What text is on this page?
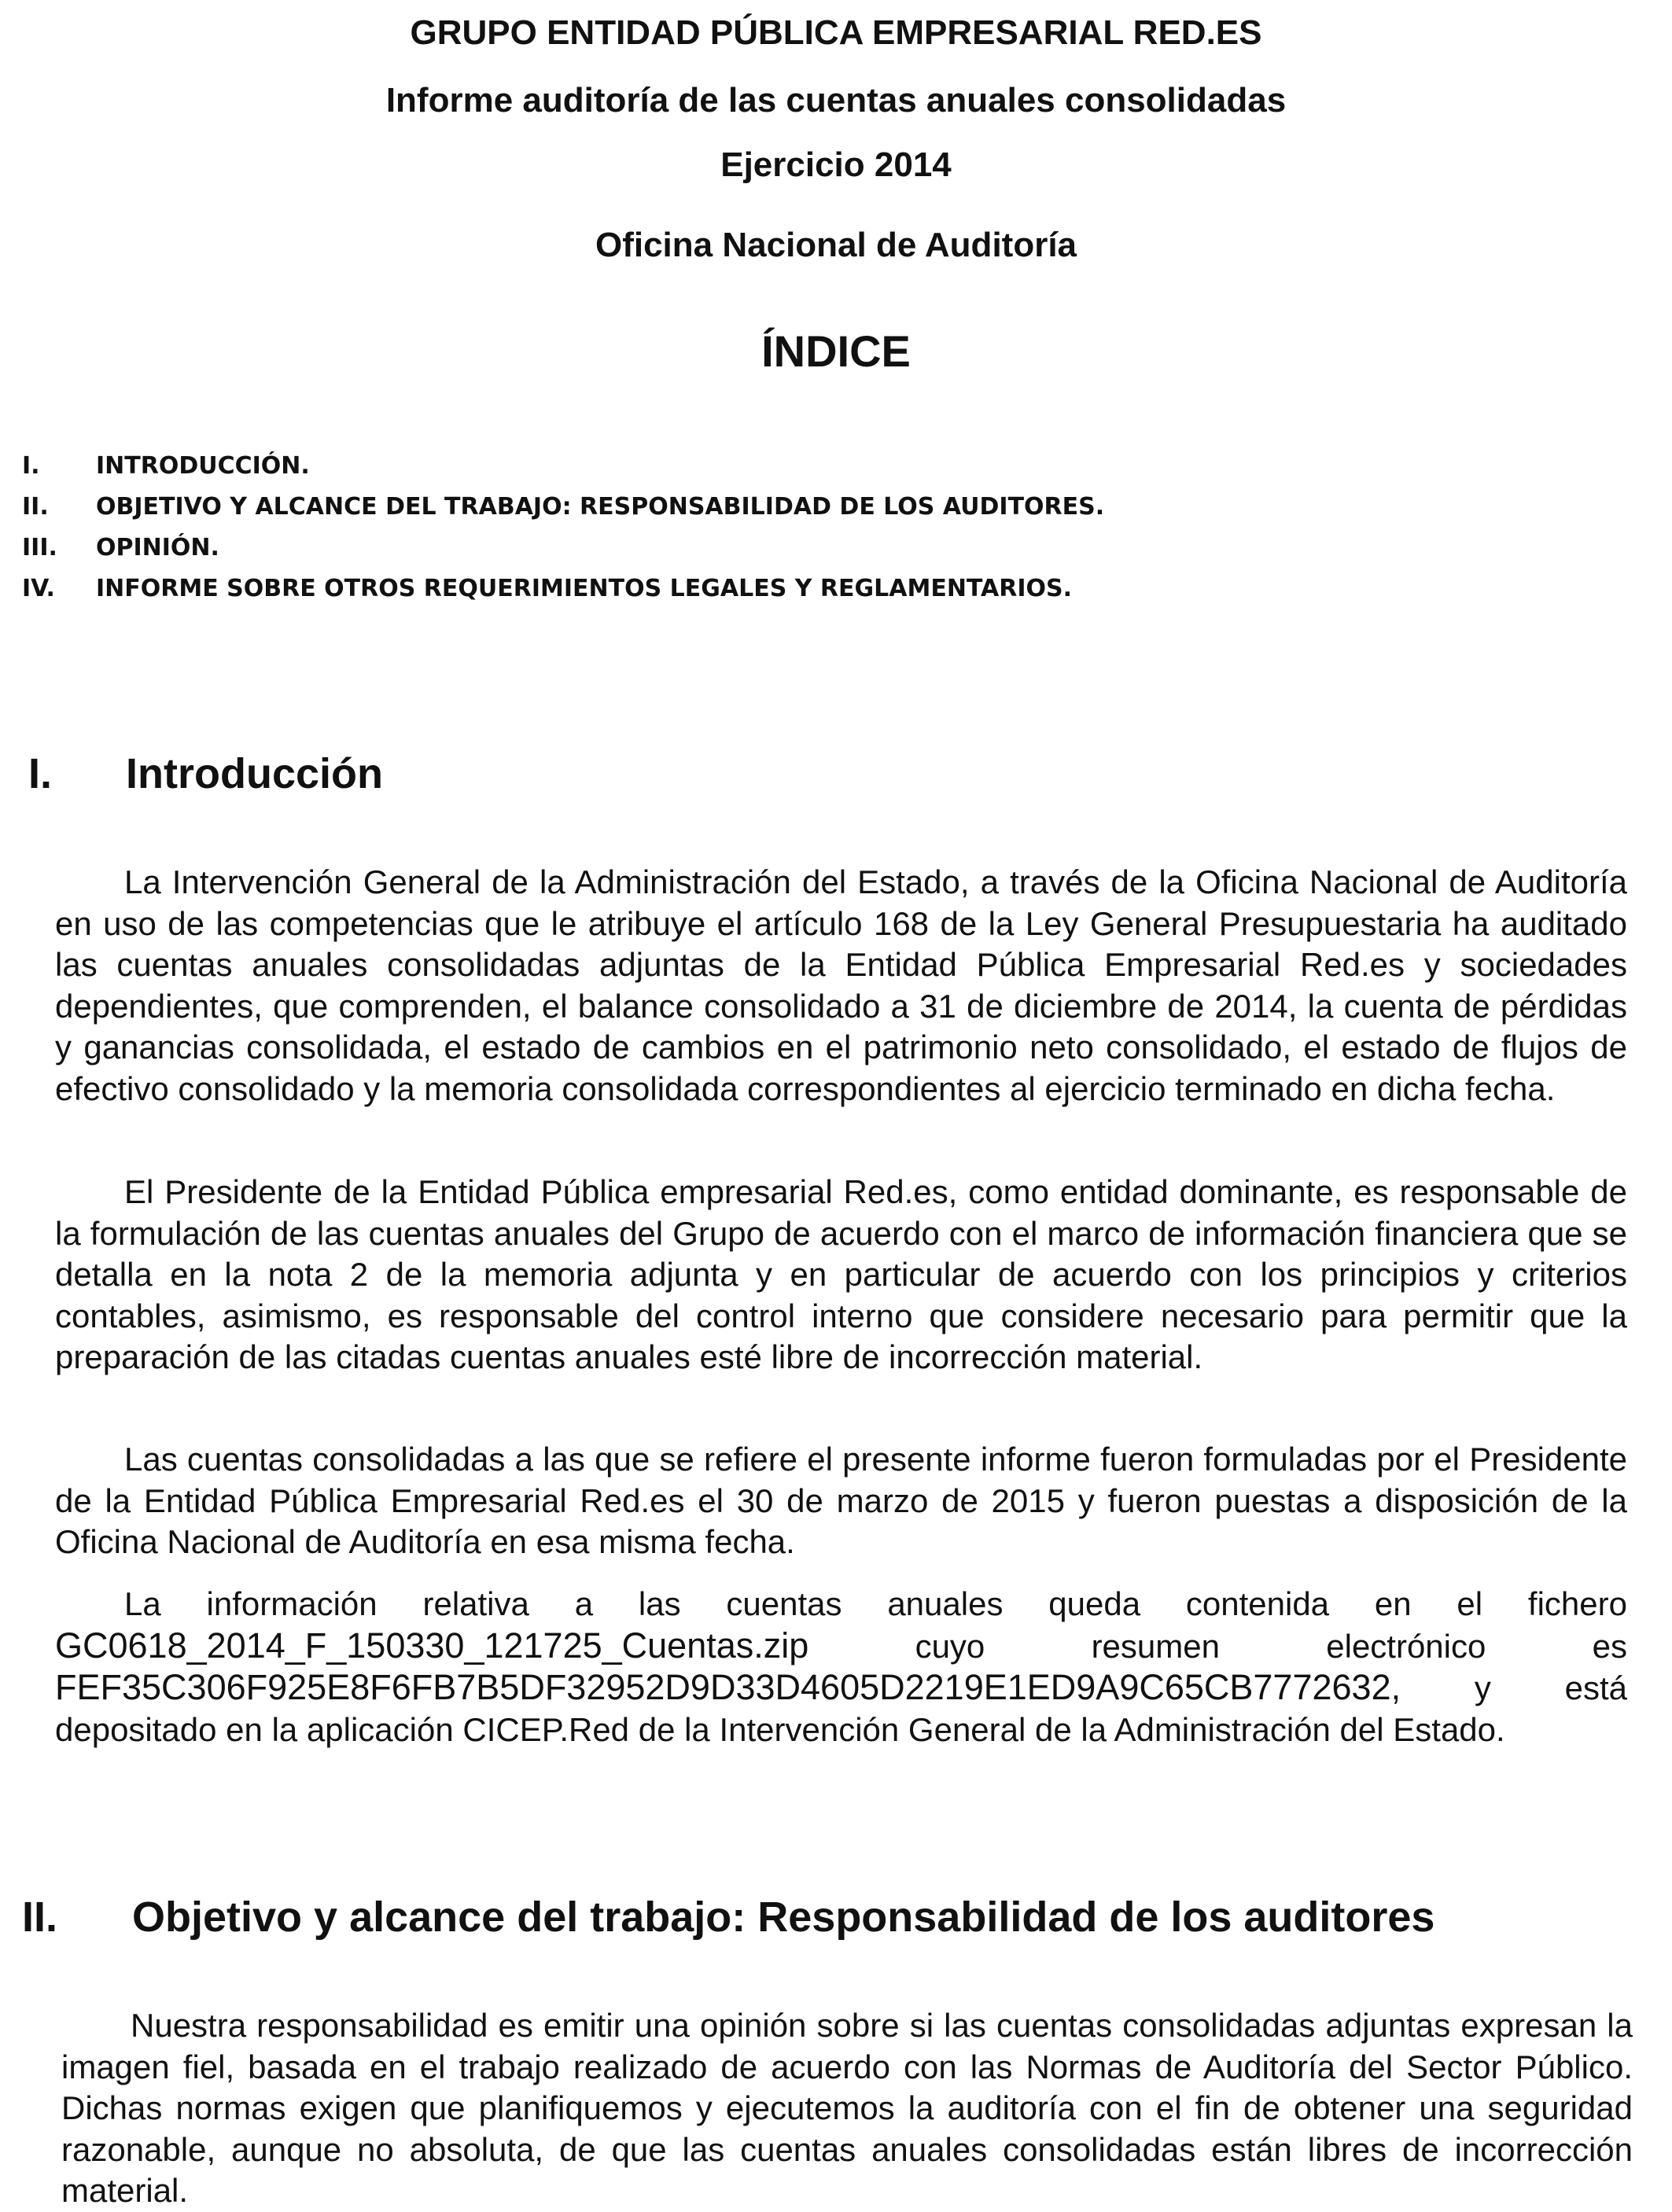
GRUPO ENTIDAD PÚBLICA EMPRESARIAL RED.ES
Informe auditoría de las cuentas anuales consolidadas
Ejercicio 2014
Oficina Nacional de Auditoría
ÍNDICE
I.	INTRODUCCIÓN.
II.	OBJETIVO Y ALCANCE DEL TRABAJO: RESPONSABILIDAD DE LOS AUDITORES.
III.	OPINIÓN.
IV.	INFORME SOBRE OTROS REQUERIMIENTOS LEGALES Y REGLAMENTARIOS.
I.	Introducción

La Intervención General de la Administración del Estado, a través de la Oficina Nacional de Auditoría en uso de las competencias que le atribuye el artículo 168 de la Ley General Presupuestaria ha auditado las cuentas anuales consolidadas adjuntas de la Entidad Pública Empresarial Red.es y sociedades dependientes, que comprenden, el balance consolidado a 31 de diciembre de 2014, la cuenta de pérdidas y ganancias consolidada, el estado de cambios en el patrimonio neto consolidado, el estado de flujos de efectivo consolidado y la memoria consolidada correspondientes al ejercicio terminado en dicha fecha.

El Presidente de la Entidad Pública empresarial Red.es, como entidad dominante, es responsable de la formulación de las cuentas anuales del Grupo de acuerdo con el marco de información financiera que se detalla en la nota 2 de la memoria adjunta y en particular de acuerdo con los principios y criterios contables, asimismo, es responsable del control interno que considere necesario para permitir que la preparación de las citadas cuentas anuales esté libre de incorrección material.

Las cuentas consolidadas a las que se refiere el presente informe fueron formuladas por el Presidente de la Entidad Pública Empresarial Red.es el 30 de marzo de 2015 y fueron puestas a disposición de la Oficina Nacional de Auditoría en esa misma fecha.

La información relativa a las cuentas anuales queda contenida en el fichero GC0618_2014_F_150330_121725_Cuentas.zip	cuyo resumen electrónico es FEF35C306F925E8F6FB7B5DF32952D9D33D4605D2219E1ED9A9C65CB7772632, y está depositado en la aplicación CICEP.Red de la Intervención General de la Administración del Estado.

II.	Objetivo y alcance del trabajo: Responsabilidad de los auditores

Nuestra responsabilidad es emitir una opinión sobre si las cuentas consolidadas adjuntas expresan la imagen fiel, basada en el trabajo realizado de acuerdo con las Normas de Auditoría del Sector Público. Dichas normas exigen que planifiquemos y ejecutemos la auditoría con el fin de obtener una seguridad razonable, aunque no absoluta, de que las cuentas anuales consolidadas están libres de incorrección material.
